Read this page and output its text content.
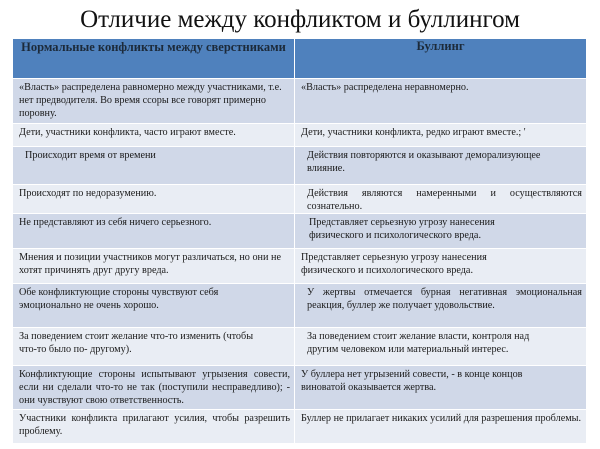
Отличие между конфликтом и буллингом
Нормальные конфликты между сверстниками	Буллинг
«Власть» распределена равномерно между участниками, т.е. нет предводителя. Во время ссоры все говорят примерно поровну.	«Власть» распределена неравномерно.
Дети, участники конфликта, часто играют вместе.	Дети, участники конфликта, редко играют вместе.; '
Происходит время от времени	Действия повторяются и оказывают деморализующее влияние.
Происходят по недоразумению.	Действия являются намеренными и осуществляются сознательно.
Не представляют из себя ничего серьезного.	Представляет серьезную угрозу нанесения физического и психологического вреда.
Мнения и позиции участников могут различаться, но они не хотят причинять друг другу вреда.	Представляет серьезную угрозу нанесения физического и психологического вреда.
Обе конфликтующие стороны чувствуют себя эмоционально не очень хорошо.	У жертвы отмечается бурная негативная эмоциональная реакция, буллер же получает удовольствие.
За поведением стоит желание что-то изменить (чтобы что-то было по- другому).	За поведением стоит желание власти, контроля над другим человеком или материальный интерес.
Конфликтующие стороны испытывают угрызения совести, если ни сделали что-то не так (поступили несправедливо); - они чувствуют свою ответственность.	У буллера нет угрызений совести, - в конце концов виноватой оказывается жертва.
Участники конфликта прилагают усилия, чтобы разрешить проблему.	Буллер не прилагает никаких усилий для разрешения проблемы.
